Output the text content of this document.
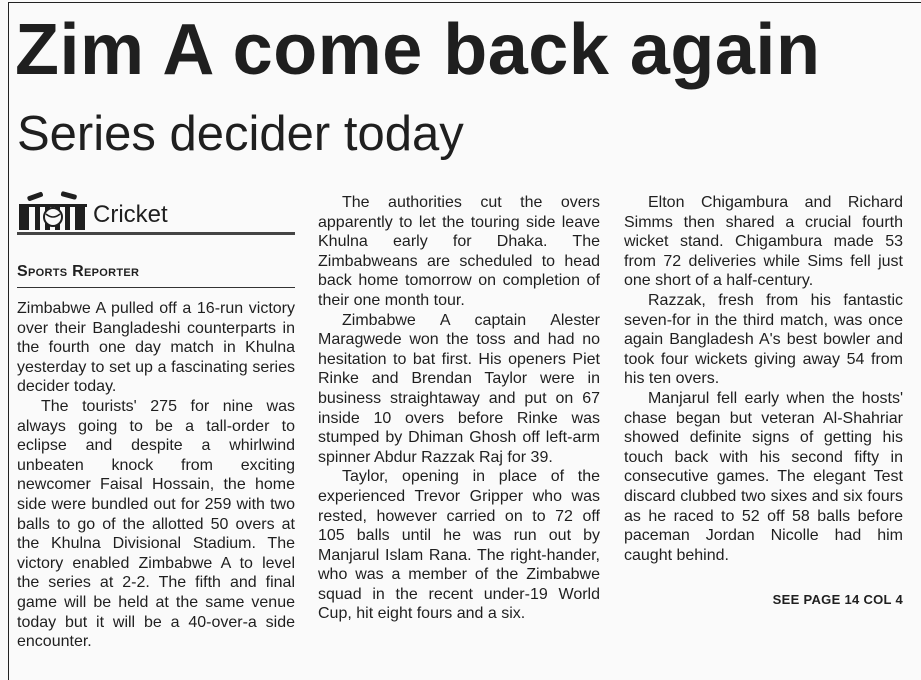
Zim A come back again
Series decider today
Cricket
Sports Reporter

Zimbabwe A pulled off a 16-run victory over their Bangladeshi counterparts in the fourth one day match in Khulna yesterday to set up a fascinating series decider today.

The tourists' 275 for nine was always going to be a tall-order to eclipse and despite a whirlwind unbeaten knock from exciting newcomer Faisal Hossain, the home side were bundled out for 259 with two balls to go of the allotted 50 overs at the Khulna Divisional Stadium. The victory enabled Zimbabwe A to level the series at 2-2. The fifth and final game will be held at the same venue today but it will be a 40-over-a side encounter.

The authorities cut the overs apparently to let the touring side leave Khulna early for Dhaka. The Zimbabweans are scheduled to head back home tomorrow on completion of their one month tour.

Zimbabwe A captain Alester Maragwede won the toss and had no hesitation to bat first. His openers Piet Rinke and Brendan Taylor were in business straightaway and put on 67 inside 10 overs before Rinke was stumped by Dhiman Ghosh off left-arm spinner Abdur Razzak Raj for 39.

Taylor, opening in place of the experienced Trevor Gripper who was rested, however carried on to 72 off 105 balls until he was run out by Manjarul Islam Rana. The right-hander, who was a member of the Zimbabwe squad in the recent under-19 World Cup, hit eight fours and a six.

Elton Chigambura and Richard Simms then shared a crucial fourth wicket stand. Chigambura made 53 from 72 deliveries while Sims fell just one short of a half-century.

Razzak, fresh from his fantastic seven-for in the third match, was once again Bangladesh A's best bowler and took four wickets giving away 54 from his ten overs.

Manjarul fell early when the hosts' chase began but veteran Al-Shahriar showed definite signs of getting his touch back with his second fifty in consecutive games. The elegant Test discard clubbed two sixes and six fours as he raced to 52 off 58 balls before paceman Jordan Nicolle had him caught behind.

SEE PAGE 14 COL 4
